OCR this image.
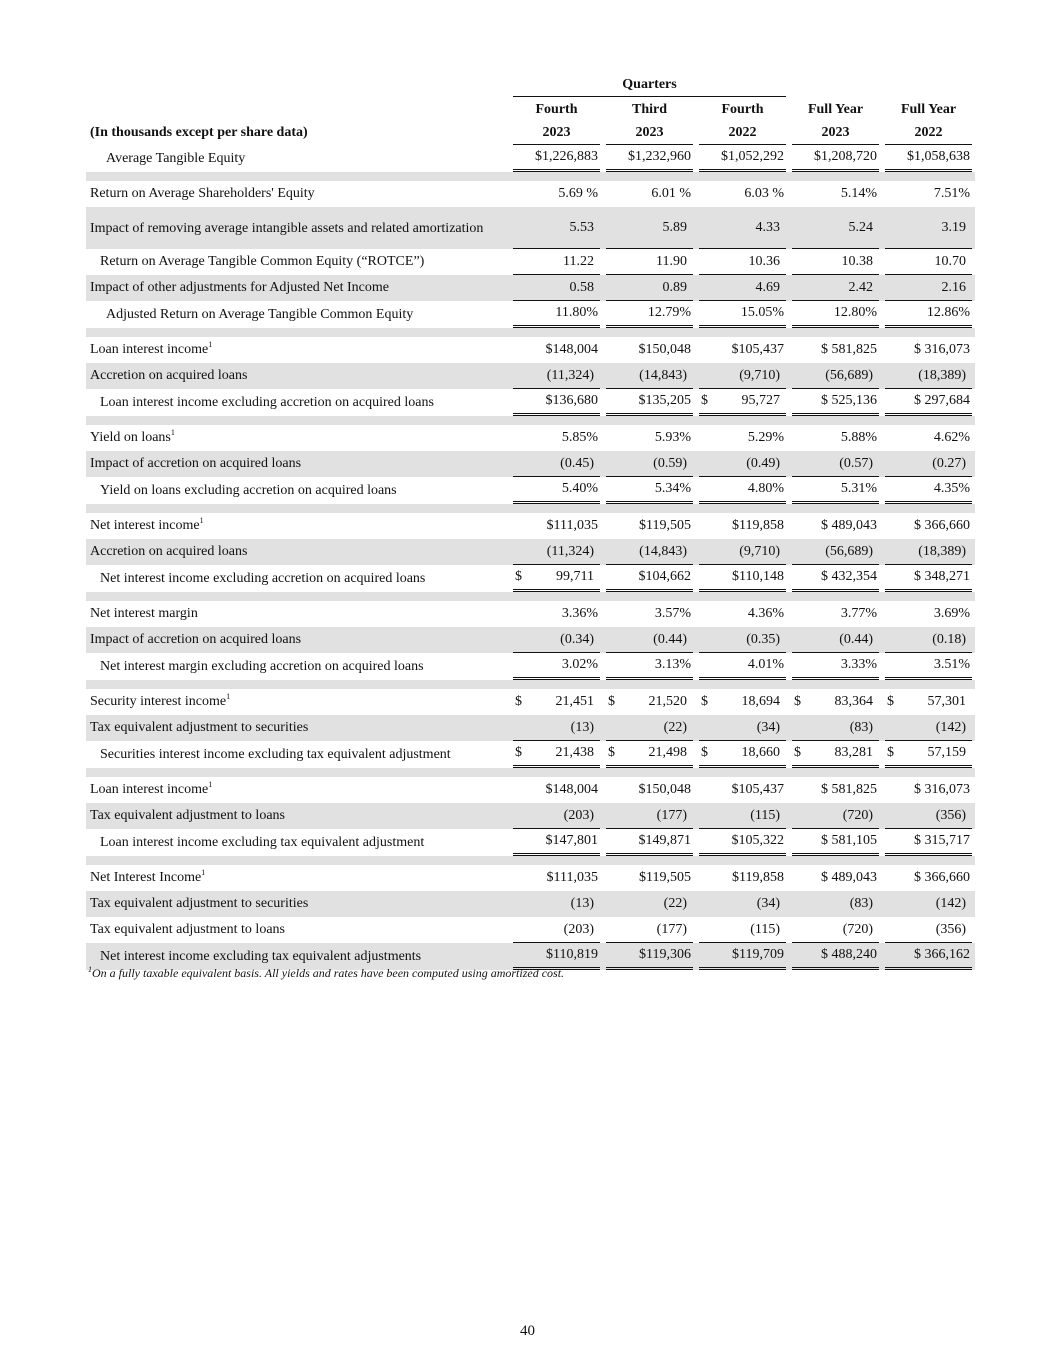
	Quarters				

	Fourth	Third	Fourth	Full Year	Full Year

(In thousands except per share data)	2023	2023	2022	2023	2022

Average Tangible Equity	$1,226,883	$1,232,960	$1,052,292	$1,208,720	$1,058,638

Return on Average Shareholders' Equity	5.69 %	6.01 %	6.03 %	5.14%	7.51%

Impact of removing average intangible assets and related amortization	5.53	5.89	4.33	5.24	3.19

Return on Average Tangible Common Equity (“ROTCE”)	11.22	11.90	10.36	10.38	10.70

Impact of other adjustments for Adjusted Net Income	0.58	0.89	4.69	2.42	2.16

Adjusted Return on Average Tangible Common Equity	11.80%	12.79%	15.05%	12.80%	12.86%

Loan interest income$^1$	$148,004	$150,048	$105,437	$ 581,825	$ 316,073

Accretion on acquired loans	(11,324)	(14,843)	(9,710)	(56,689)	(18,389)

Loan interest income excluding accretion on acquired loans	$136,680	$135,205	$ 95,727	$ 525,136	$ 297,684

Yield on loans$^1$	5.85%	5.93%	5.29%	5.88%	4.62%

Impact of accretion on acquired loans	(0.45)	(0.59)	(0.49)	(0.57)	(0.27)

Yield on loans excluding accretion on acquired loans	5.40%	5.34%	4.80%	5.31%	4.35%

Net interest income$^1$	$111,035	$119,505	$119,858	$ 489,043	$ 366,660

Accretion on acquired loans	(11,324)	(14,843)	(9,710)	(56,689)	(18,389)

Net interest income excluding accretion on acquired loans	$ 99,711	$104,662	$110,148	$ 432,354	$ 348,271

Net interest margin	3.36%	3.57%	4.36%	3.77%	3.69%

Impact of accretion on acquired loans	(0.34)	(0.44)	(0.35)	(0.44)	(0.18)

Net interest margin excluding accretion on acquired loans	3.02%	3.13%	4.01%	3.33%	3.51%

Security interest income$^1$	$ 21,451	$ 21,520	$ 18,694	$ 83,364	$ 57,301

Tax equivalent adjustment to securities	(13)	(22)	(34)	(83)	(142)

Securities interest income excluding tax equivalent adjustment	$ 21,438	$ 21,498	$ 18,660	$ 83,281	$ 57,159

Loan interest income$^1$	$148,004	$150,048	$105,437	$ 581,825	$ 316,073

Tax equivalent adjustment to loans	(203)	(177)	(115)	(720)	(356)

Loan interest income excluding tax equivalent adjustment	$147,801	$149,871	$105,322	$ 581,105	$ 315,717

Net Interest Income$^1$	$111,035	$119,505	$119,858	$ 489,043	$ 366,660

Tax equivalent adjustment to securities	(13)	(22)	(34)	(83)	(142)

Tax equivalent adjustment to loans	(203)	(177)	(115)	(720)	(356)

Net interest income excluding tax equivalent adjustments	$110,819	$119,306	$119,709	$ 488,240	$ 366,162
$^1$On a fully taxable equivalent basis. All yields and rates have been computed using amortized cost.
40
